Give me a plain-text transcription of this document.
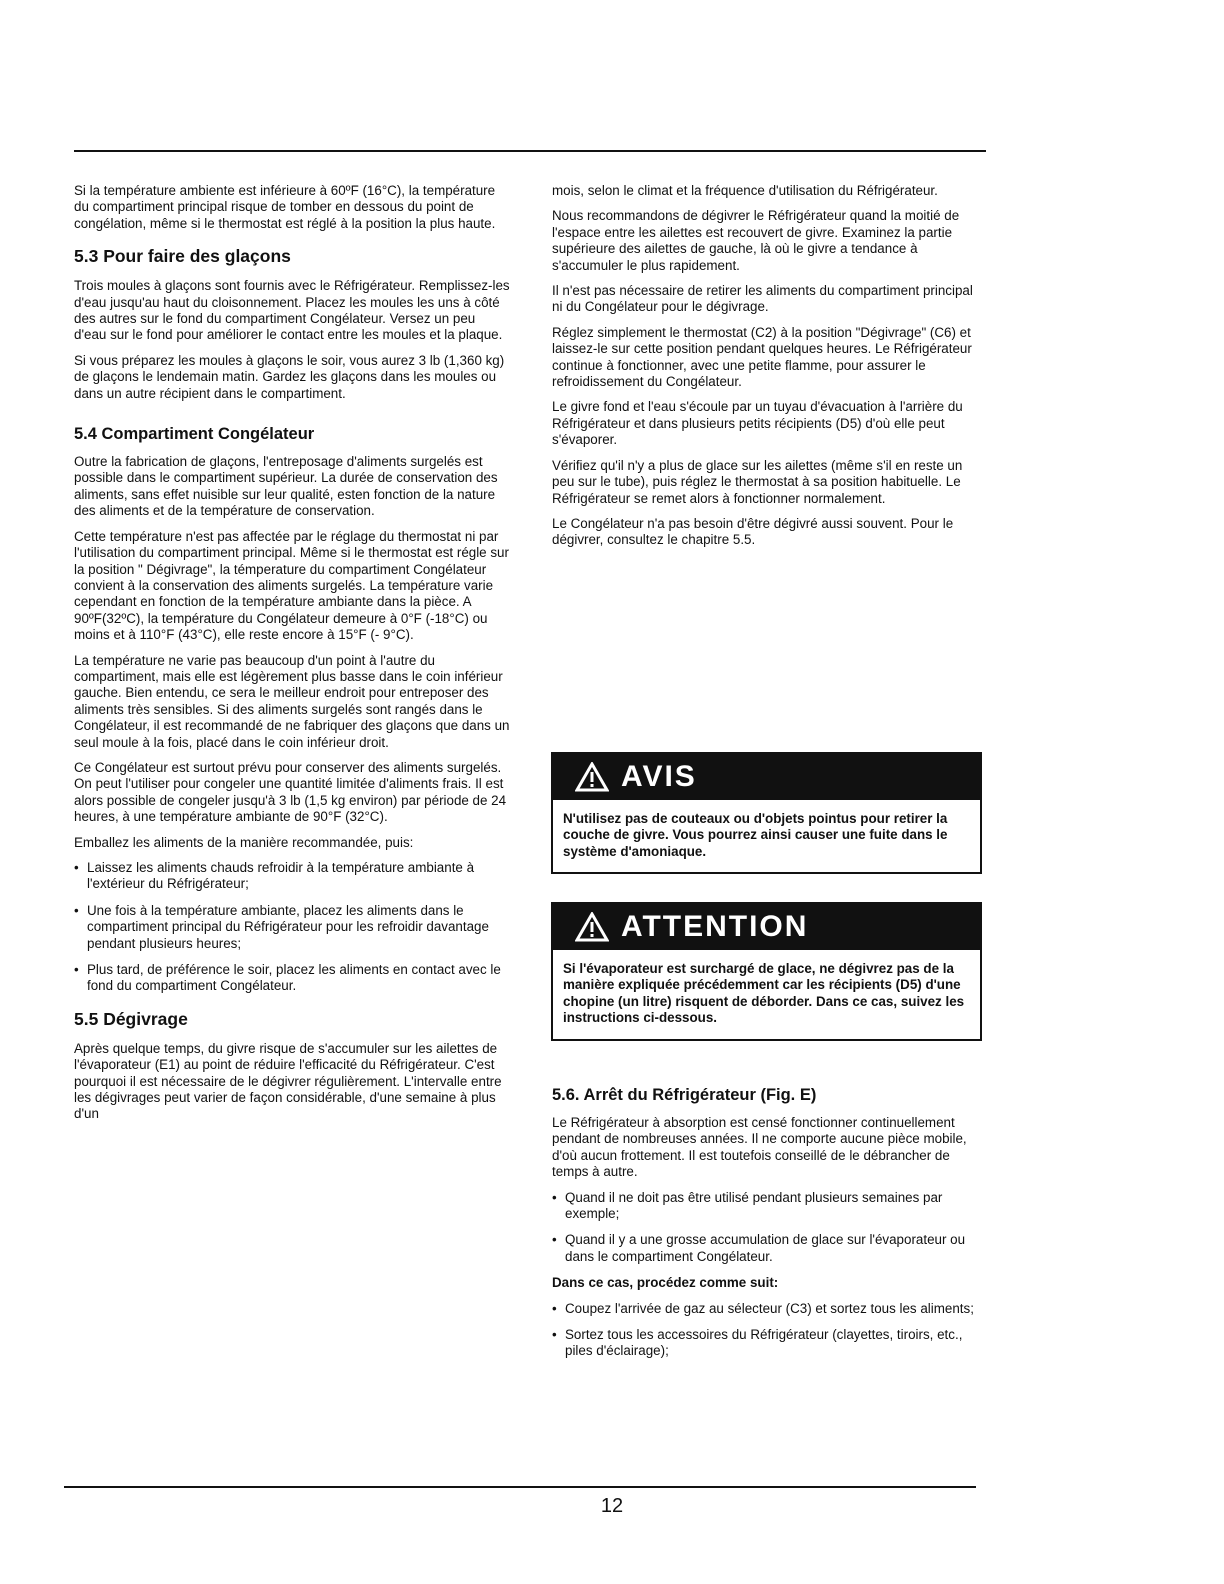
Si la température ambiente est inférieure à 60ºF (16°C), la température du compartiment principal risque de tomber en dessous du point de congélation, même si le thermostat est réglé à la position la plus haute.

5.3 Pour faire des glaçons

Trois moules à glaçons sont fournis avec le Réfrigérateur. Remplissez-les d'eau jusqu'au haut du cloisonnement. Placez les moules les uns à côté des autres sur le fond du compartiment Congélateur. Versez un peu d'eau sur le fond pour améliorer le contact entre les moules et la plaque.

Si vous préparez les moules à glaçons le soir, vous aurez 3 lb (1,360 kg) de glaçons le lendemain matin. Gardez les glaçons dans les moules ou dans un autre récipient dans le compartiment.

5.4 Compartiment Congélateur

Outre la fabrication de glaçons, l'entreposage d'aliments surgelés est possible dans le compartiment supérieur. La durée de conservation des aliments, sans effet nuisible sur leur qualité, esten fonction de la nature des aliments et de la température de conservation.

Cette température n'est pas affectée par le réglage du thermostat ni par l'utilisation du compartiment principal. Même si le thermostat est régle sur la position " Dégivrage", la témperature du compartiment Congélateur convient à la conservation des aliments surgelés. La température varie cependant en fonction de la température ambiante dans la pièce. A 90ºF(32ºC), la température du Congélateur demeure à 0°F (-18°C) ou moins et à 110°F (43°C), elle reste encore à 15°F (- 9°C).

La température ne varie pas beaucoup d'un point à l'autre du compartiment, mais elle est légèrement plus basse dans le coin inférieur gauche. Bien entendu, ce sera le meilleur endroit pour entreposer des aliments très sensibles. Si des aliments surgelés sont rangés dans le Congélateur, il est recommandé de ne fabriquer des glaçons que dans un seul moule à la fois, placé dans le coin inférieur droit.

Ce Congélateur est surtout prévu pour conserver des aliments surgelés. On peut l'utiliser pour congeler une quantité limitée d'aliments frais. Il est alors possible de congeler jusqu'à 3 lb (1,5 kg environ) par période de 24 heures, à une température ambiante de 90°F (32°C).

Emballez les aliments de la manière recommandée, puis:

• Laissez les aliments chauds refroidir à la température ambiante à l'extérieur du Réfrigérateur;
• Une fois à la température ambiante, placez les aliments dans le compartiment principal du Réfrigérateur pour les refroidir davantage pendant plusieurs heures;
• Plus tard, de préférence le soir, placez les aliments en contact avec le fond du compartiment Congélateur.
5.5 Dégivrage

Après quelque temps, du givre risque de s'accumuler sur les ailettes de l'évaporateur (E1) au point de réduire l'efficacité du Réfrigérateur. C'est pourquoi il est nécessaire de le dégivrer régulièrement. L'intervalle entre les dégivrages peut varier de façon considérable, d'une semaine à plus d'un

mois, selon le climat et la fréquence d'utilisation du Réfrigérateur.

Nous recommandons de dégivrer le Réfrigérateur quand la moitié de l'espace entre les ailettes est recouvert de givre. Examinez la partie supérieure des ailettes de gauche, là où le givre a tendance à s'accumuler le plus rapidement.

Il n'est pas nécessaire de retirer les aliments du compartiment principal ni du Congélateur pour le dégivrage.

Réglez simplement le thermostat (C2) à la position "Dégivrage" (C6) et laissez-le sur cette position pendant quelques heures. Le Réfrigérateur continue à fonctionner, avec une petite flamme, pour assurer le refroidissement du Congélateur.

Le givre fond et l'eau s'écoule par un tuyau d'évacuation à l'arrière du Réfrigérateur et dans plusieurs petits récipients (D5) d'où elle peut s'évaporer.

Vérifiez qu'il n'y a plus de glace sur les ailettes (même s'il en reste un peu sur le tube), puis réglez le thermostat à sa position habituelle. Le Réfrigérateur se remet alors à fonctionner normalement.

Le Congélateur n'a pas besoin d'être dégivré aussi souvent. Pour le dégivrer, consultez le chapitre 5.5.

AVIS
N'utilisez pas de couteaux ou d'objets pointus pour retirer la couche de givre. Vous pourrez ainsi causer une fuite dans le système d'amoniaque.
ATTENTION
Si l'évaporateur est surchargé de glace, ne dégivrez pas de la manière expliquée précédemment car les récipients (D5) d'une chopine (un litre) risquent de déborder. Dans ce cas, suivez les instructions ci-dessous.
5.6. Arrêt du Réfrigérateur (Fig. E)

Le Réfrigérateur à absorption est censé fonctionner continuellement pendant de nombreuses années. Il ne comporte aucune pièce mobile, d'où aucun frottement. Il est toutefois conseillé de le débrancher de temps à autre.

• Quand il ne doit pas être utilisé pendant plusieurs semaines par exemple;
• Quand il y a une grosse accumulation de glace sur l'évaporateur ou dans le compartiment Congélateur.

Dans ce cas, procédez comme suit:

• Coupez l'arrivée de gaz au sélecteur (C3) et sortez tous les aliments;
• Sortez tous les accessoires du Réfrigérateur (clayettes, tiroirs, etc., piles d'éclairage);
12
